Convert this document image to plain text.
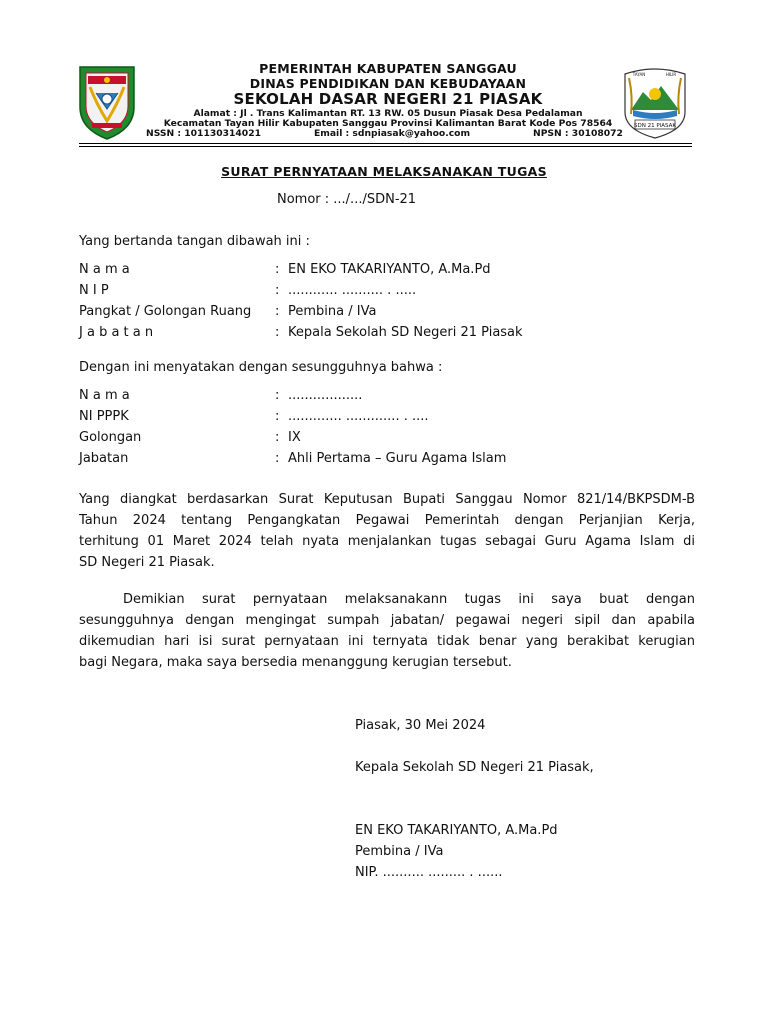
PEMERINTAH KABUPATEN SANGGAU
DINAS PENDIDIKAN DAN KEBUDAYAAN
SEKOLAH DASAR NEGERI 21 PIASAK
Alamat : Jl . Trans Kalimantan RT. 13 RW. 05 Dusun Piasak Desa Pedalaman
Kecamatan Tayan Hilir Kabupaten Sanggau Provinsi Kalimantan Barat Kode Pos 78564
NSSN : 101130314021	Email : sdnpiasak@yahoo.com	NPSN : 30108072
SDN 21 PIASAK
TAYAN	HILIR
SURAT PERNYATAAN MELAKSANAKAN TUGAS
Nomor : .../.../SDN-21
Yang bertanda tangan dibawah ini :
N a m a	: EN EKO TAKARIYANTO, A.Ma.Pd
N I P	: ............ .......... . .....
Pangkat / Golongan Ruang : Pembina / IVa
J a b a t a n	: Kepala Sekolah SD Negeri 21 Piasak
Dengan ini menyatakan dengan sesungguhnya bahwa :
N a m a	: ..................
NI PPPK	: ............. ............. . ....
Golongan	: IX
Jabatan	: Ahli Pertama – Guru Agama Islam
Yang diangkat berdasarkan Surat Keputusan Bupati Sanggau Nomor 821/14/BKPSDM-B
Tahun 2024 tentang Pengangkatan Pegawai Pemerintah dengan Perjanjian Kerja,
terhitung 01 Maret 2024 telah nyata menjalankan tugas sebagai Guru Agama Islam di
SD Negeri 21 Piasak.
Demikian surat pernyataan melaksanakann tugas ini saya buat dengan
sesungguhnya dengan mengingat sumpah jabatan/ pegawai negeri sipil dan apabila
dikemudian hari isi surat pernyataan ini ternyata tidak benar yang berakibat kerugian
bagi Negara, maka saya bersedia menanggung kerugian tersebut.
Piasak, 30 Mei 2024
Kepala Sekolah SD Negeri 21 Piasak,
EN EKO TAKARIYANTO, A.Ma.Pd
Pembina / IVa
NIP. .......... ......... . ......
